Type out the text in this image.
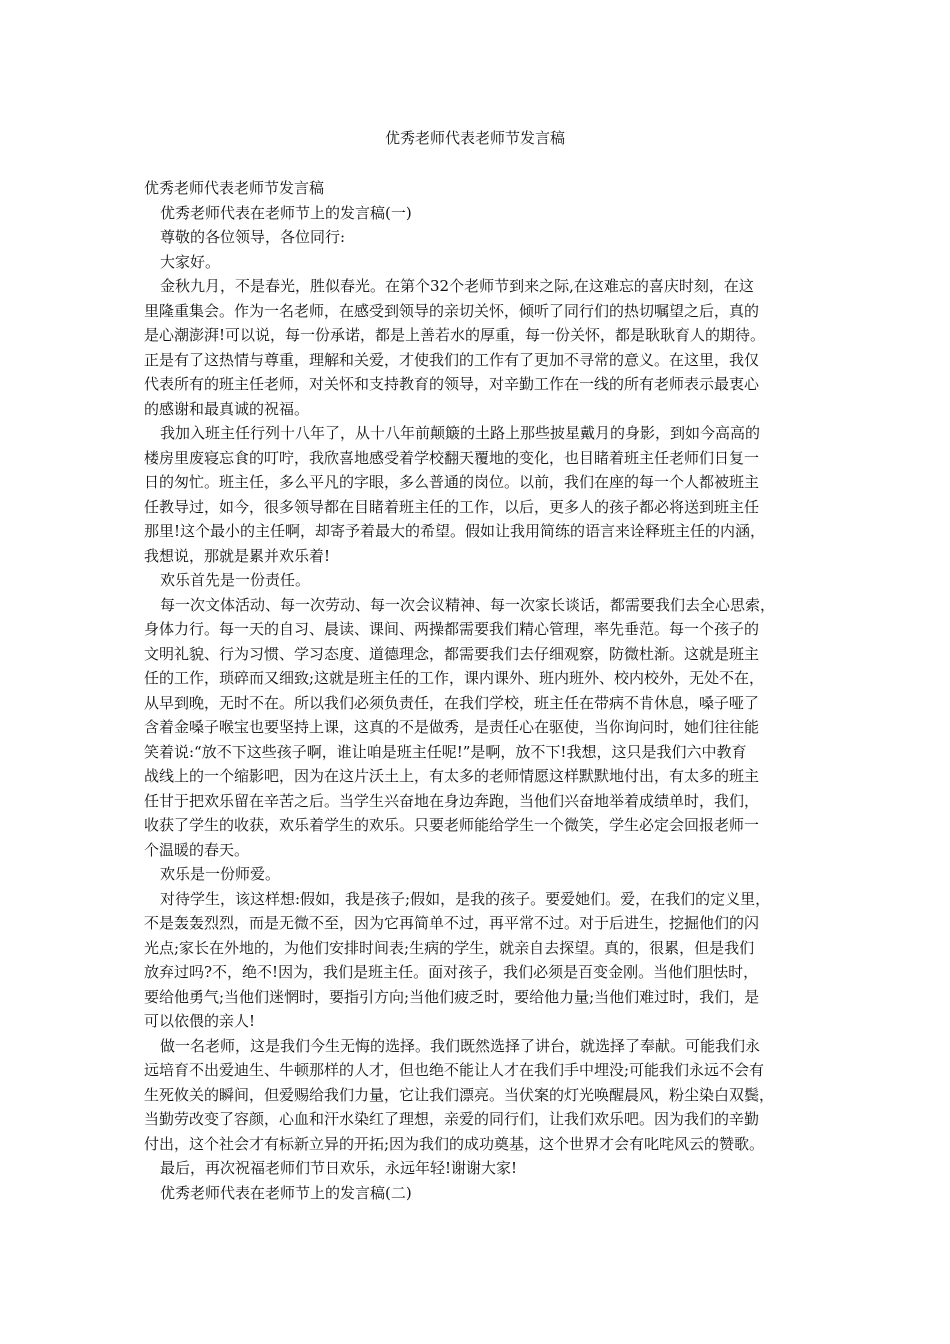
优秀老师代表老师节发言稿

优秀老师代表老师节发言稿

优秀老师代表在老师节上的发言稿(一)

尊敬的各位领导，各位同行:

大家好。

金秋九月，不是春光，胜似春光。在第个32个老师节到来之际,在这难忘的喜庆时刻，在这

里隆重集会。作为一名老师，在感受到领导的亲切关怀，倾听了同行们的热切嘱望之后，真的

是心潮澎湃!可以说，每一份承诺，都是上善若水的厚重，每一份关怀，都是耿耿育人的期待。

正是有了这热情与尊重，理解和关爱，才使我们的工作有了更加不寻常的意义。在这里，我仅

代表所有的班主任老师，对关怀和支持教育的领导，对辛勤工作在一线的所有老师表示最衷心

的感谢和最真诚的祝福。

我加入班主任行列十八年了，从十八年前颠簸的土路上那些披星戴月的身影，到如今高高的

楼房里废寝忘食的叮咛，我欣喜地感受着学校翻天覆地的变化，也目睹着班主任老师们日复一

日的匆忙。班主任，多么平凡的字眼，多么普通的岗位。以前，我们在座的每一个人都被班主

任教导过，如今，很多领导都在目睹着班主任的工作，以后，更多人的孩子都必将送到班主任

那里!这个最小的主任啊，却寄予着最大的希望。假如让我用简练的语言来诠释班主任的内涵，

我想说，那就是累并欢乐着!

欢乐首先是一份责任。

每一次文体活动、每一次劳动、每一次会议精神、每一次家长谈话，都需要我们去全心思索，

身体力行。每一天的自习、晨读、课间、两操都需要我们精心管理，率先垂范。每一个孩子的

文明礼貌、行为习惯、学习态度、道德理念，都需要我们去仔细观察，防微杜渐。这就是班主

任的工作，琐碎而又细致;这就是班主任的工作，课内课外、班内班外、校内校外，无处不在，

从早到晚，无时不在。所以我们必须负责任，在我们学校，班主任在带病不肯休息，嗓子哑了

含着金嗓子喉宝也要坚持上课，这真的不是做秀，是责任心在驱使，当你询问时，她们往往能

笑着说:“放不下这些孩子啊，谁让咱是班主任呢!”是啊，放不下!我想，这只是我们六中教育

战线上的一个缩影吧，因为在这片沃土上，有太多的老师情愿这样默默地付出，有太多的班主

任甘于把欢乐留在辛苦之后。当学生兴奋地在身边奔跑，当他们兴奋地举着成绩单时，我们，

收获了学生的收获，欢乐着学生的欢乐。只要老师能给学生一个微笑，学生必定会回报老师一

个温暖的春天。

欢乐是一份师爱。

对待学生，该这样想:假如，我是孩子;假如，是我的孩子。要爱她们。爱，在我们的定义里，

不是轰轰烈烈，而是无微不至，因为它再简单不过，再平常不过。对于后进生，挖掘他们的闪

光点;家长在外地的，为他们安排时间表;生病的学生，就亲自去探望。真的，很累，但是我们

放弃过吗?不，绝不!因为，我们是班主任。面对孩子，我们必须是百变金刚。当他们胆怯时，

要给他勇气;当他们迷惘时，要指引方向;当他们疲乏时，要给他力量;当他们难过时，我们，是

可以依偎的亲人!

做一名老师，这是我们今生无悔的选择。我们既然选择了讲台，就选择了奉献。可能我们永

远培育不出爱迪生、牛顿那样的人才，但也绝不能让人才在我们手中埋没;可能我们永远不会有

生死攸关的瞬间，但爱赐给我们力量，它让我们漂亮。当伏案的灯光唤醒晨风，粉尘染白双鬓，

当勤劳改变了容颜，心血和汗水染红了理想，亲爱的同行们，让我们欢乐吧。因为我们的辛勤

付出，这个社会才有标新立异的开拓;因为我们的成功奠基，这个世界才会有叱咤风云的赞歌。

最后，再次祝福老师们节日欢乐，永远年轻!谢谢大家!

优秀老师代表在老师节上的发言稿(二)
